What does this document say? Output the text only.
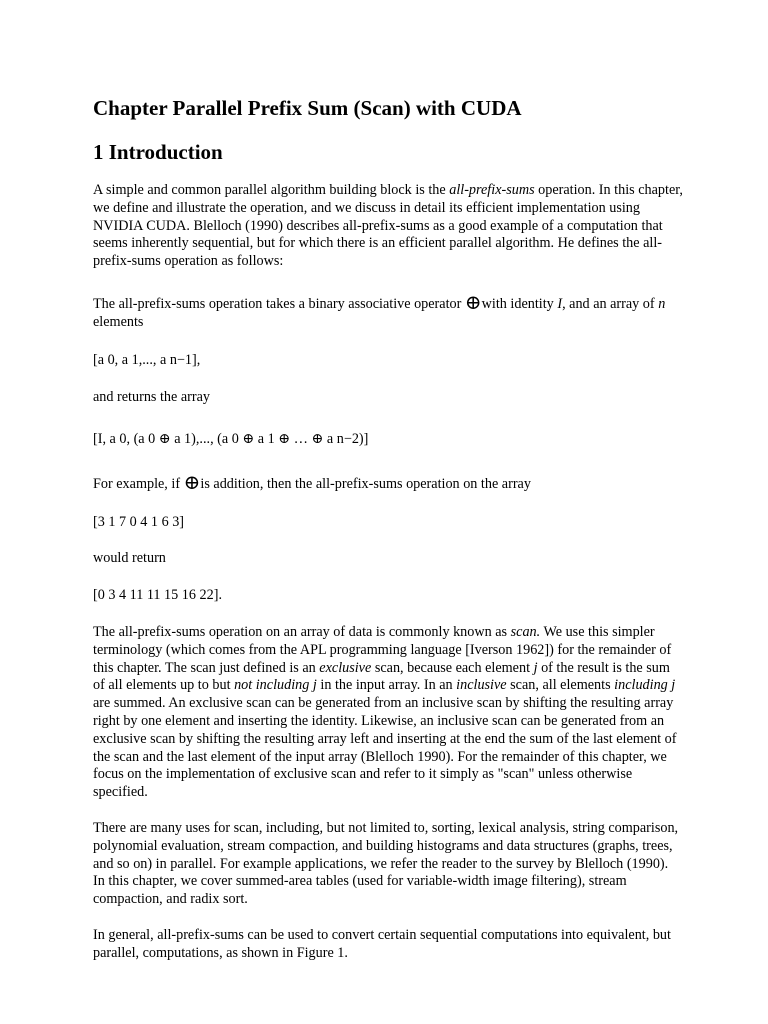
Chapter Parallel Prefix Sum (Scan) with CUDA
1 Introduction

A simple and common parallel algorithm building block is the all-prefix-sums operation. In this chapter, we define and illustrate the operation, and we discuss in detail its efficient implementation using NVIDIA CUDA. Blelloch (1990) describes all-prefix-sums as a good example of a computation that seems inherently sequential, but for which there is an efficient parallel algorithm. He defines the all-prefix-sums operation as follows:

The all-prefix-sums operation takes a binary associative operator ⊕with identity I, and an array of n elements

[a 0, a 1,..., a n−1],

and returns the array

[I, a 0, (a 0 ⊕ a 1),..., (a 0 ⊕ a 1 ⊕ … ⊕ a n−2)]

For example, if ⊕is addition, then the all-prefix-sums operation on the array

[3 1 7 0 4 1 6 3]

would return

[0 3 4 11 11 15 16 22].

The all-prefix-sums operation on an array of data is commonly known as scan. We use this simpler terminology (which comes from the APL programming language [Iverson 1962]) for the remainder of this chapter. The scan just defined is an exclusive scan, because each element j of the result is the sum of all elements up to but not including j in the input array. In an inclusive scan, all elements including j are summed. An exclusive scan can be generated from an inclusive scan by shifting the resulting array right by one element and inserting the identity. Likewise, an inclusive scan can be generated from an exclusive scan by shifting the resulting array left and inserting at the end the sum of the last element of the scan and the last element of the input array (Blelloch 1990). For the remainder of this chapter, we focus on the implementation of exclusive scan and refer to it simply as "scan" unless otherwise specified.

There are many uses for scan, including, but not limited to, sorting, lexical analysis, string comparison, polynomial evaluation, stream compaction, and building histograms and data structures (graphs, trees, and so on) in parallel. For example applications, we refer the reader to the survey by Blelloch (1990). In this chapter, we cover summed-area tables (used for variable-width image filtering), stream compaction, and radix sort.

In general, all-prefix-sums can be used to convert certain sequential computations into equivalent, but parallel, computations, as shown in Figure 1.
